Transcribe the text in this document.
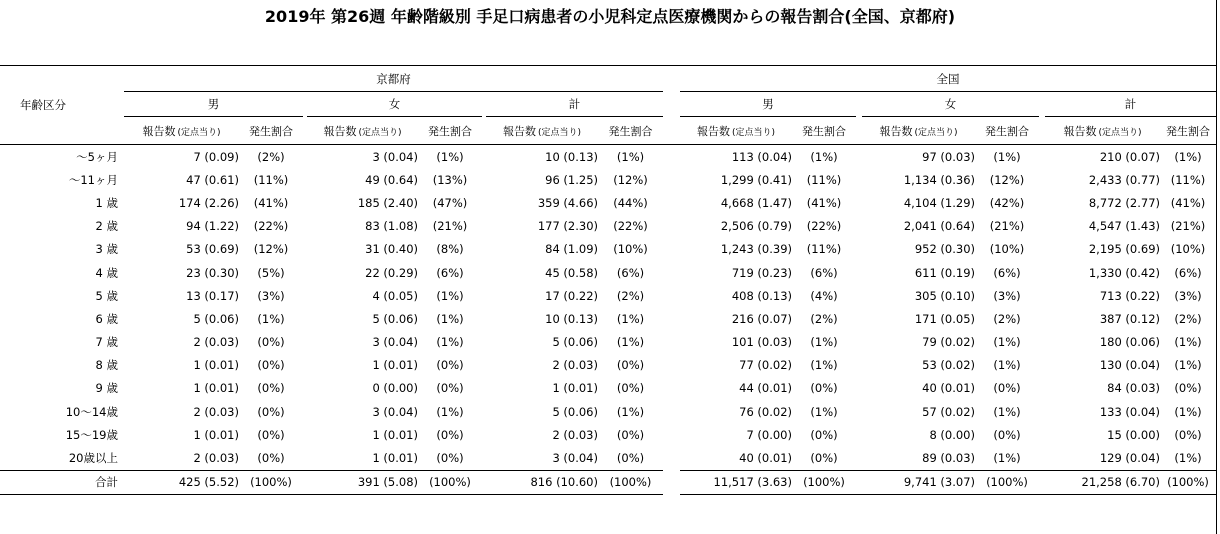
2019年 第26週 年齢階級別 手足口病患者の小児科定点医療機関からの報告割合(全国、京都府)
年齢区分	京都府									全国							
	男			女			計			男			女			計	
	報告数 (定点当り)	発生割合		報告数 (定点当り)	発生割合		報告数 (定点当り)	発生割合		報告数 (定点当り)	発生割合		報告数 (定点当り)	発生割合		報告数 (定点当り)	発生割合
～5ヶ月	7 (0.09)	(2%)		3 (0.04)	(1%)		10 (0.13)	(1%)		113 (0.04)	(1%)		97 (0.03)	(1%)		210 (0.07)	(1%)
～11ヶ月	47 (0.61)	(11%)		49 (0.64)	(13%)		96 (1.25)	(12%)		1,299 (0.41)	(11%)		1,134 (0.36)	(12%)		2,433 (0.77)	(11%)
1 歳	174 (2.26)	(41%)		185 (2.40)	(47%)		359 (4.66)	(44%)		4,668 (1.47)	(41%)		4,104 (1.29)	(42%)		8,772 (2.77)	(41%)
2 歳	94 (1.22)	(22%)		83 (1.08)	(21%)		177 (2.30)	(22%)		2,506 (0.79)	(22%)		2,041 (0.64)	(21%)		4,547 (1.43)	(21%)
3 歳	53 (0.69)	(12%)		31 (0.40)	(8%)		84 (1.09)	(10%)		1,243 (0.39)	(11%)		952 (0.30)	(10%)		2,195 (0.69)	(10%)
4 歳	23 (0.30)	(5%)		22 (0.29)	(6%)		45 (0.58)	(6%)		719 (0.23)	(6%)		611 (0.19)	(6%)		1,330 (0.42)	(6%)
5 歳	13 (0.17)	(3%)		4 (0.05)	(1%)		17 (0.22)	(2%)		408 (0.13)	(4%)		305 (0.10)	(3%)		713 (0.22)	(3%)
6 歳	5 (0.06)	(1%)		5 (0.06)	(1%)		10 (0.13)	(1%)		216 (0.07)	(2%)		171 (0.05)	(2%)		387 (0.12)	(2%)
7 歳	2 (0.03)	(0%)		3 (0.04)	(1%)		5 (0.06)	(1%)		101 (0.03)	(1%)		79 (0.02)	(1%)		180 (0.06)	(1%)
8 歳	1 (0.01)	(0%)		1 (0.01)	(0%)		2 (0.03)	(0%)		77 (0.02)	(1%)		53 (0.02)	(1%)		130 (0.04)	(1%)
9 歳	1 (0.01)	(0%)		0 (0.00)	(0%)		1 (0.01)	(0%)		44 (0.01)	(0%)		40 (0.01)	(0%)		84 (0.03)	(0%)
10～14歳	2 (0.03)	(0%)		3 (0.04)	(1%)		5 (0.06)	(1%)		76 (0.02)	(1%)		57 (0.02)	(1%)		133 (0.04)	(1%)
15～19歳	1 (0.01)	(0%)		1 (0.01)	(0%)		2 (0.03)	(0%)		7 (0.00)	(0%)		8 (0.00)	(0%)		15 (0.00)	(0%)
20歳以上	2 (0.03)	(0%)		1 (0.01)	(0%)		3 (0.04)	(0%)		40 (0.01)	(0%)		89 (0.03)	(1%)		129 (0.04)	(1%)
合計	425 (5.52)	(100%)		391 (5.08)	(100%)		816 (10.60)	(100%)		11,517 (3.63)	(100%)		9,741 (3.07)	(100%)		21,258 (6.70)	(100%)
